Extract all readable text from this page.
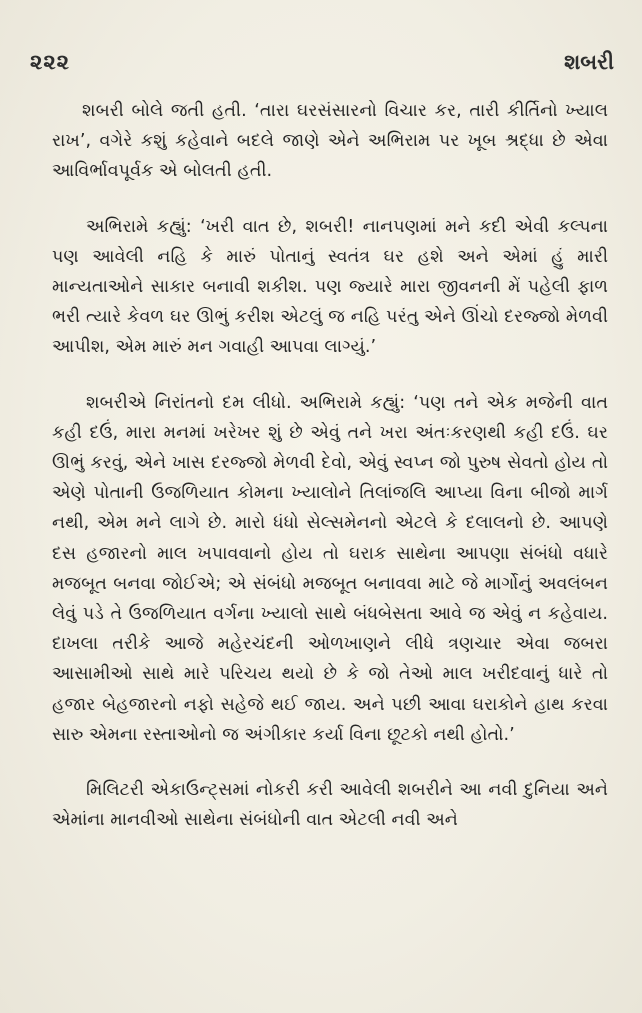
૨૨૨	શબરી

શબરી બોલે જતી હતી. ‘તારા ઘરસંસારનો વિચાર કર, તારી કીર્તિનો ખ્યાલ રાખ’, વગેરે કશું કહેવાને બદલે જાણે એને અભિરામ પર ખૂબ શ્રદ્ધા છે એવા આવિર્ભાવપૂર્વક એ બોલતી હતી.

અભિરામે કહ્યું: ‘ખરી વાત છે, શબરી! નાનપણમાં મને કદી એવી કલ્પના પણ આવેલી નહિ કે મારું પોતાનું સ્વતંત્ર ઘર હશે અને એમાં હું મારી માન્યતાઓને સાકાર બનાવી શકીશ. પણ જ્યારે મારા જીવનની મેં પહેલી ફાળ ભરી ત્યારે કેવળ ઘર ઊભું કરીશ એટલું જ નહિ પરંતુ એને ઊંચો દરજ્જો મેળવી આપીશ, એમ મારું મન ગવાહી આપવા લાગ્યું.’

શબરીએ નિરાંતનો દમ લીધો. અભિરામે કહ્યું: ‘પણ તને એક મજેની વાત કહી દઉં, મારા મનમાં ખરેખર શું છે એવું તને ખરા અંતઃકરણથી કહી દઉં. ઘર ઊભું કરવું, એને ખાસ દરજ્જો મેળવી દેવો, એવું સ્વપ્ન જો પુરુષ સેવતો હોય તો એણે પોતાની ઉજળિયાત કોમના ખ્યાલોને તિલાંજલિ આપ્યા વિના બીજો માર્ગ નથી, એમ મને લાગે છે. મારો ધંધો સેલ્સમેનનો એટલે કે દલાલનો છે. આપણે દસ હજારનો માલ ખપાવવાનો હોય તો ઘરાક સાથેના આપણા સંબંધો વધારે મજબૂત બનવા જોઈએ; એ સંબંધો મજબૂત બનાવવા માટે જે માર્ગોનું અવલંબન લેવું પડે તે ઉજળિયાત વર્ગના ખ્યાલો સાથે બંધબેસતા આવે જ એવું ન કહેવાય. દાખલા તરીકે આજે મહેરચંદની ઓળખાણને લીધે ત્રણચાર એવા જબરા આસામીઓ સાથે મારે પરિચય થયો છે કે જો તેઓ માલ ખરીદવાનું ધારે તો હજાર બેહજારનો નફો સહેજે થઈ જાય. અને પછી આવા ઘરાકોને હાથ કરવા સારુ એમના રસ્તાઓનો જ અંગીકાર કર્યા વિના છૂટકો નથી હોતો.’

મિલિટરી એકાઉન્ટ્સમાં નોકરી કરી આવેલી શબરીને આ નવી દુનિયા અને એમાંના માનવીઓ સાથેના સંબંધોની વાત એટલી નવી અને
